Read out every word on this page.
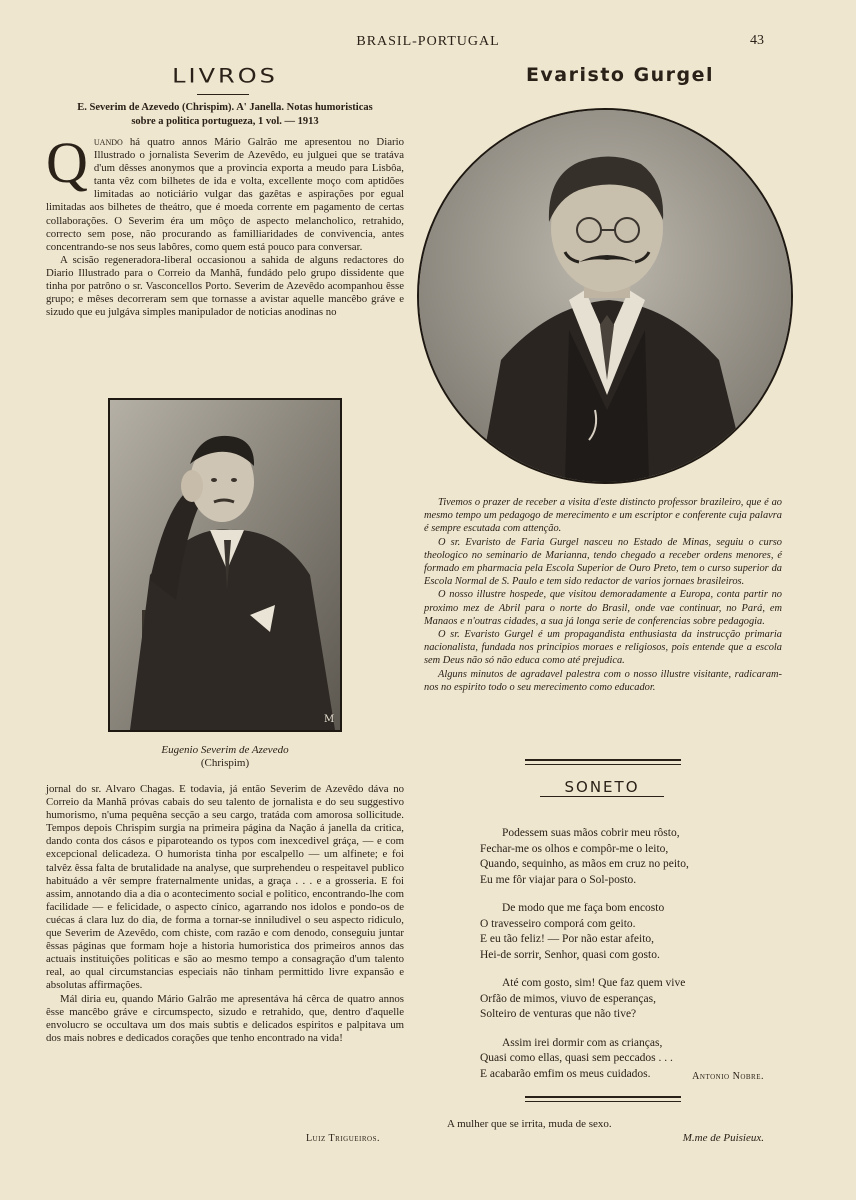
BRASIL-PORTUGAL	43
LIVROS
E. Severim de Azevedo (Chrispim). A' Janella. Notas humoristicas
sobre a politica portugueza, 1 vol. — 1913

Quando há quatro annos Mário Galrão me apresentou no Diario Illustrado o jornalista Severim de Azevêdo, eu julguei que se tratáva d'um dêsses anonymos que a provincia exporta a meudo para Lisbôa, tanta vêz com bilhetes de ida e volta, excellente moço com aptidões limitadas ao noticiário vulgar das gazêtas e aspirações por egual limitadas aos bilhetes de theátro, que é moeda corrente em pagamento de certas collaborações. O Severim éra um môço de aspecto melancholico, retrahido, correcto sem pose, não procurando as familliaridades de convivencia, antes concentrando-se nos seus labôres, como quem está pouco para conversar.

A scisão regeneradora-liberal occasionou a sahida de alguns redactores do Diario Illustrado para o Correio da Manhã, fundádo pelo grupo dissidente que tinha por patrôno o sr. Vasconcellos Porto. Severim de Azevêdo acompanhou êsse grupo; e mêses decorreram sem que tornasse a avistar aquelle mancêbo gráve e sizudo que eu julgáva simples manipulador de noticias anodinas no

M
Eugenio Severim de Azevedo
(Chrispim)

jornal do sr. Alvaro Chagas. E todavia, já então Severim de Azevêdo dáva no Correio da Manhã próvas cabais do seu talento de jornalista e do seu suggestivo humorismo, n'uma pequêna secção a seu cargo, tratáda com amorosa sollicitude. Tempos depois Chrispim surgia na primeira página da Nação á janella da critica, dando conta dos cásos e piparoteando os typos com inexcedivel gráça, — e com excepcional delicadeza. O humorista tinha por escalpello — um alfinete; e foi talvêz êssa falta de brutalidade na analyse, que surprehendeu o respeitavel publico habituádo a vêr sempre fraternalmente unidas, a graça . . . e a grosseria. E foi assim, annotando dia a dia o acontecimento social e politico, encontrando-lhe com facilidade — e felicidade, o aspecto cínico, agarrando nos idolos e pondo-os de cuécas á clara luz do dia, de forma a tornar-se inniludivel o seu aspecto ridiculo, que Severim de Azevêdo, com chiste, com razão e com denodo, conseguiu juntar êssas páginas que formam hoje a historia humoristica dos primeiros annos das actuais instituições politicas e são ao mesmo tempo a consagração d'um talento real, ao qual circumstancias especiais não tinham permittido livre expansão e absolutas affirmações.

Mál diria eu, quando Mário Galrão me apresentáva há cêrca de quatro annos êsse mancêbo gráve e circumspecto, sizudo e retrahido, que, dentro d'aquelle envolucro se occultava um dos mais subtis e delicados espiritos e palpitava um dos mais nobres e dedicados corações que tenho encontrado na vida!

Luiz Trigueiros.
Evaristo Gurgel

Tivemos o prazer de receber a visita d'este distincto professor brazileiro, que é ao mesmo tempo um pedagogo de merecimento e um escriptor e conferente cuja palavra é sempre escutada com attenção.

O sr. Evaristo de Faria Gurgel nasceu no Estado de Minas, seguiu o curso theologico no seminario de Marianna, tendo chegado a receber ordens menores, é formado em pharmacia pela Escola Superior de Ouro Preto, tem o curso superior da Escola Normal de S. Paulo e tem sido redactor de varios jornaes brasileiros.

O nosso illustre hospede, que visitou demoradamente a Europa, conta partir no proximo mez de Abril para o norte do Brasil, onde vae continuar, no Pará, em Manaos e n'outras cidades, a sua já longa serie de conferencias sobre pedagogia.

O sr. Evaristo Gurgel é um propagandista enthusiasta da instrucção primaria nacionalista, fundada nos principios moraes e religiosos, pois entende que a escola sem Deus não só não educa como até prejudica.

Alguns minutos de agradavel palestra com o nosso illustre visitante, radicaram-nos no espirito todo o seu merecimento como educador.

SONETO
Podessem suas mãos cobrir meu rôsto,
Fechar-me os olhos e compôr-me o leito,
Quando, sequinho, as mãos em cruz no peito,
Eu me fôr viajar para o Sol-posto.
De modo que me faça bom encosto
O travesseiro comporá com geito.
E eu tão feliz! — Por não estar afeito,
Hei-de sorrir, Senhor, quasi com gosto.
Até com gosto, sim! Que faz quem vive
Orfão de mimos, viuvo de esperanças,
Solteiro de venturas que não tive?
Assim irei dormir com as crianças,
Quasi como ellas, quasi sem peccados . . .
E acabarão emfim os meus cuidados.	Antonio Nobre.
A mulher que se irrita, muda de sexo.
M.me de Puisieux.
